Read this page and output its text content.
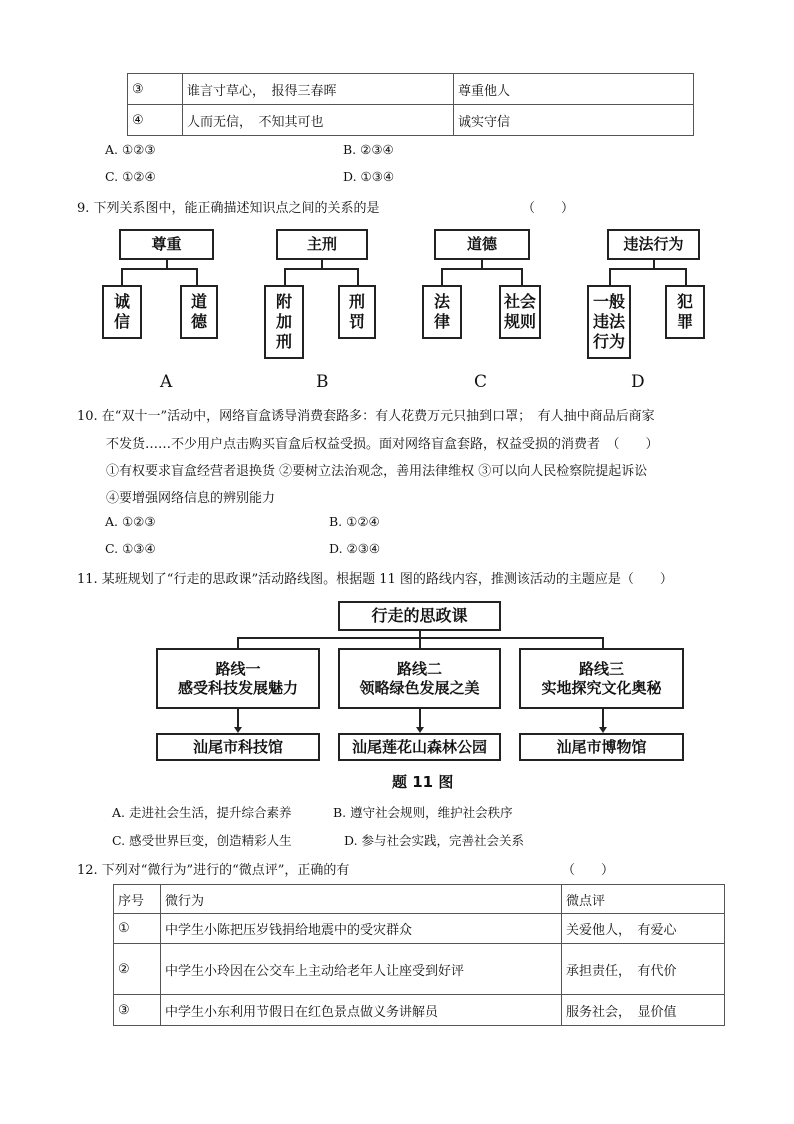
③	谁言寸草心，　报得三春晖	尊重他人
④	人而无信，　不知其可也	诚实守信
A. ①②③	B. ②③④
C. ①②④	D. ①③④
9. 下列关系图中，能正确描述知识点之间的关系的是	（　　）
尊重
诚
信
道
德
A
主刑
附
加
刑
刑
罚
B
道德
法
律
社会
规则
C
违法行为
一般
违法
行为
犯
罪
D
10. 在“双十一”活动中，网络盲盒诱导消费套路多：有人花费万元只抽到口罩；　有人抽中商品后商家
不发货……不少用户点击购买盲盒后权益受损。面对网络盲盒套路，权益受损的消费者　（　　）
①有权要求盲盒经营者退换货 ②要树立法治观念，善用法律维权 ③可以向人民检察院提起诉讼
④要增强网络信息的辨别能力
A. ①②③	B. ①②④
C. ①③④	D. ②③④
11. 某班规划了“行走的思政课”活动路线图。根据题 11 图的路线内容，推测该活动的主题应是（　　）
行走的思政课
路线一
感受科技发展魅力
路线二
领略绿色发展之美
路线三
实地探究文化奥秘
汕尾市科技馆	汕尾莲花山森林公园	汕尾市博物馆
题 11 图
A. 走进社会生活，提升综合素养	B. 遵守社会规则，维护社会秩序
C. 感受世界巨变，创造精彩人生	D. 参与社会实践，完善社会关系
12. 下列对“微行为”进行的“微点评”，正确的有	（　　）
序号	微行为	微点评
①	中学生小陈把压岁钱捐给地震中的受灾群众	关爱他人，　有爱心
②	中学生小玲因在公交车上主动给老年人让座受到好评	承担责任，　有代价
③	中学生小东利用节假日在红色景点做义务讲解员	服务社会，　显价值
